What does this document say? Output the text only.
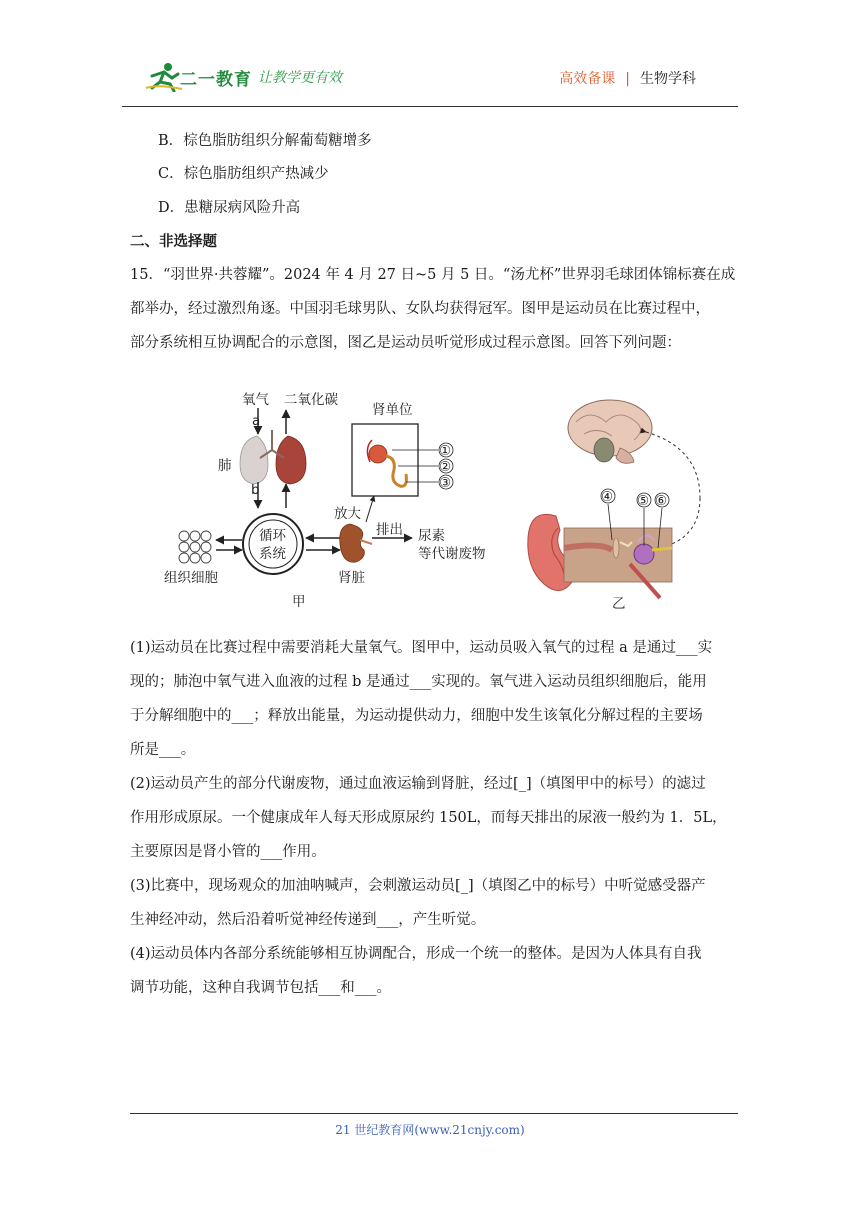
二一教育 让教学更有效	高效备课 | 生物学科
B．棕色脂肪组织分解葡萄糖增多
C．棕色脂肪组织产热减少
D．患糖尿病风险升高
二、非选择题
15．“羽世界·共蓉耀”。2024 年 4 月 27 日~5 月 5 日。“汤尤杯”世界羽毛球团体锦标赛在成
都举办，经过激烈角逐。中国羽毛球男队、女队均获得冠军。图甲是运动员在比赛过程中，
部分系统相互协调配合的示意图，图乙是运动员听觉形成过程示意图。回答下列问题：
氧气 二氧化碳
a
肺
b
循环
系统
组织细胞	肾脏
放大
肾单位
①
②
③
排出 尿素
等代谢废物
甲
④ ⑤ ⑥
乙
(1)运动员在比赛过程中需要消耗大量氧气。图甲中，运动员吸入氧气的过程 a 是通过___实
现的；肺泡中氧气进入血液的过程 b 是通过___实现的。氧气进入运动员组织细胞后，能用
于分解细胞中的___；释放出能量，为运动提供动力，细胞中发生该氧化分解过程的主要场
所是___。
(2)运动员产生的部分代谢废物，通过血液运输到肾脏，经过[_]（填图甲中的标号）的滤过
作用形成原尿。一个健康成年人每天形成原尿约 150L，而每天排出的尿液一般约为 1．5L，
主要原因是肾小管的___作用。
(3)比赛中，现场观众的加油呐喊声，会刺激运动员[_]（填图乙中的标号）中听觉感受器产
生神经冲动，然后沿着听觉神经传递到___，产生听觉。
(4)运动员体内各部分系统能够相互协调配合，形成一个统一的整体。是因为人体具有自我
调节功能，这种自我调节包括___和___。
21 世纪教育网(www.21cnjy.com)
